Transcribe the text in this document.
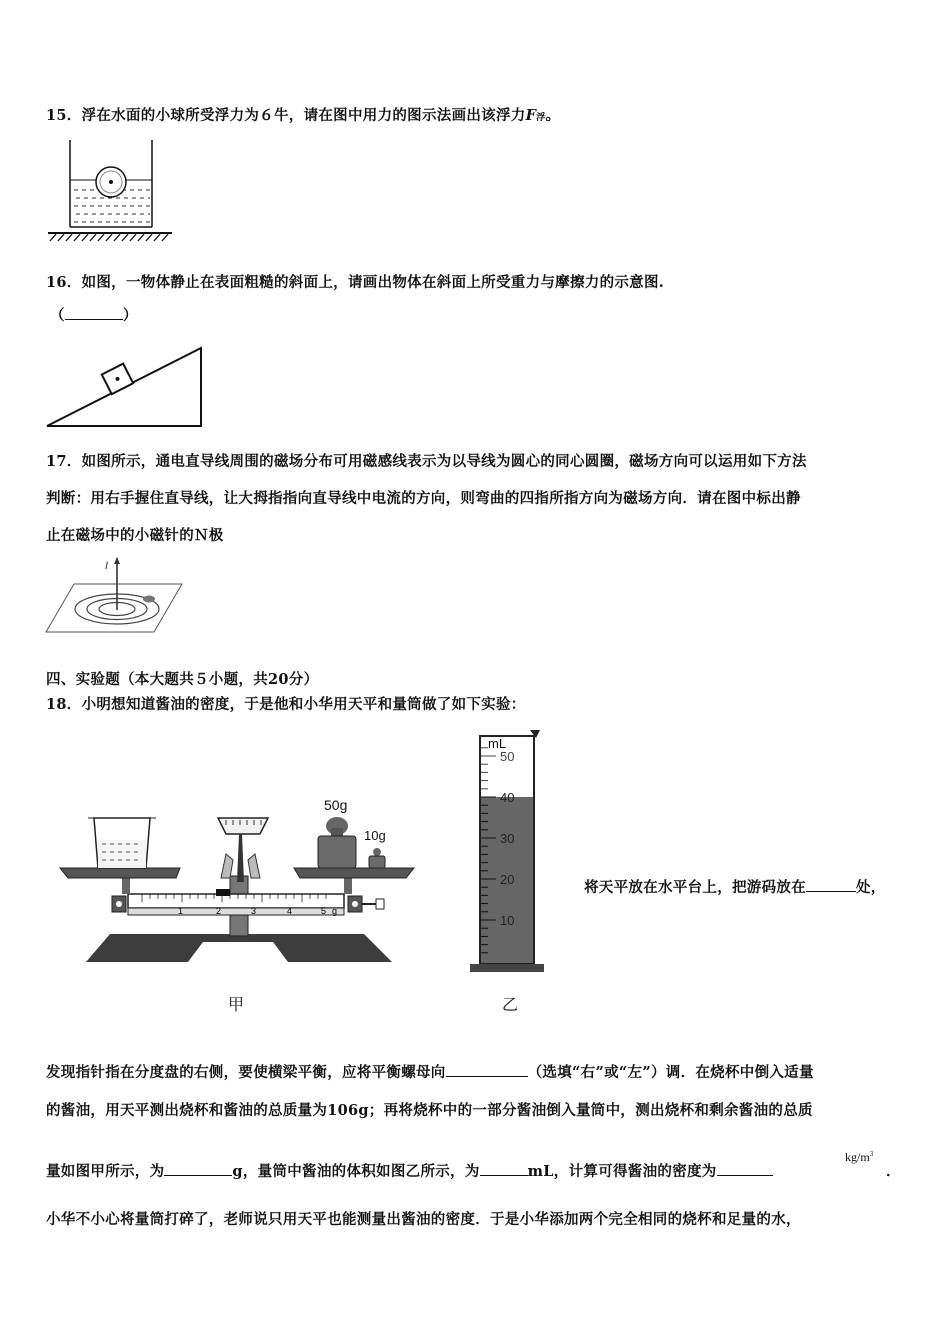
15．浮在水面的小球所受浮力为６牛，请在图中用力的图示法画出该浮力F浮。
16．如图，一物体静止在表面粗糙的斜面上，请画出物体在斜面上所受重力与摩擦力的示意图.
（	）
17．如图所示，通电直导线周围的磁场分布可用磁感线表示为以导线为圆心的同心圆圈，磁场方向可以运用如下方法
判断：用右手握住直导线，让大拇指指向直导线中电流的方向，则弯曲的四指所指方向为磁场方向．请在图中标出静
止在磁场中的小磁针的Ｎ极
I
四、实验题（本大题共５小题，共20分）
18．小明想知道酱油的密度，于是他和小华用天平和量筒做了如下实验：
1	2	3	4	5 g
50g
10g
甲
mL
50
40
30
20
10
乙
将天平放在水平台上，把游码放在	处，
发现指针指在分度盘的右侧，要使横梁平衡，应将平衡螺母向	（选填“右”或“左”）调．在烧杯中倒入适量
的酱油，用天平测出烧杯和酱油的总质量为106g；再将烧杯中的一部分酱油倒入量筒中，测出烧杯和剩余酱油的总质
量如图甲所示，为	g，量筒中酱油的体积如图乙所示，为	mL，计算可得酱油的密度为
$kg/m^3$
．
小华不小心将量筒打碎了，老师说只用天平也能测量出酱油的密度．于是小华添加两个完全相同的烧杯和足量的水，
